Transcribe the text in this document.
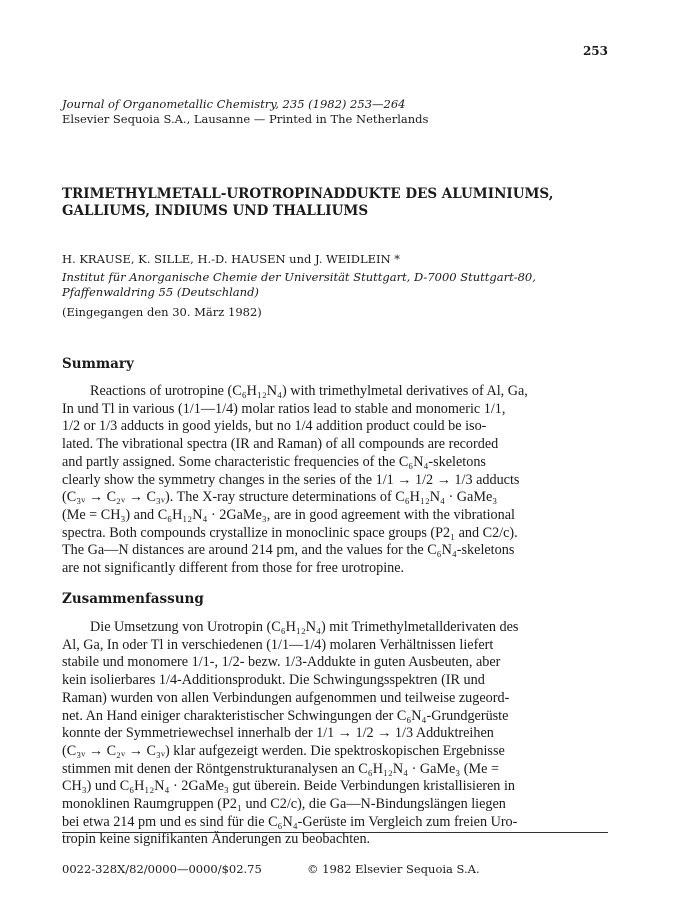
253
Journal of Organometallic Chemistry, 235 (1982) 253—264
Elsevier Sequoia S.A., Lausanne — Printed in The Netherlands
TRIMETHYLMETALL-UROTROPINADDUKTE DES ALUMINIUMS,
GALLIUMS, INDIUMS UND THALLIUMS
H. KRAUSE, K. SILLE, H.-D. HAUSEN und J. WEIDLEIN *
Institut für Anorganische Chemie der Universität Stuttgart, D-7000 Stuttgart-80,
Pfaffenwaldring 55 (Deutschland)
(Eingegangen den 30. März 1982)
Summary
Reactions of urotropine (C₆H₁₂N₄) with trimethylmetal derivatives of Al, Ga,
In und Tl in various (1/1—1/4) molar ratios lead to stable and monomeric 1/1,
1/2 or 1/3 adducts in good yields, but no 1/4 addition product could be iso-
lated. The vibrational spectra (IR and Raman) of all compounds are recorded
and partly assigned. Some characteristic frequencies of the C₆N₄-skeletons
clearly show the symmetry changes in the series of the 1/1 → 1/2 → 1/3 adducts
(C₃ᵥ → C₂ᵥ → C₃ᵥ). The X-ray structure determinations of C₆H₁₂N₄ · GaMe₃
(Me = CH₃) and C₆H₁₂N₄ · 2GaMe₃, are in good agreement with the vibrational
spectra. Both compounds crystallize in monoclinic space groups (P2₁ and C2/c).
The Ga—N distances are around 214 pm, and the values for the C₆N₄-skeletons
are not significantly different from those for free urotropine.
Zusammenfassung
Die Umsetzung von Urotropin (C₆H₁₂N₄) mit Trimethylmetallderivaten des
Al, Ga, In oder Tl in verschiedenen (1/1—1/4) molaren Verhältnissen liefert
stabile und monomere 1/1-, 1/2- bezw. 1/3-Addukte in guten Ausbeuten, aber
kein isolierbares 1/4-Additionsprodukt. Die Schwingungsspektren (IR und
Raman) wurden von allen Verbindungen aufgenommen und teilweise zugeord-
net. An Hand einiger charakteristischer Schwingungen der C₆N₄-Grundgerüste
konnte der Symmetriewechsel innerhalb der 1/1 → 1/2 → 1/3 Adduktreihen
(C₃ᵥ → C₂ᵥ → C₃ᵥ) klar aufgezeigt werden. Die spektroskopischen Ergebnisse
stimmen mit denen der Röntgenstrukturanalysen an C₆H₁₂N₄ · GaMe₃ (Me =
CH₃) und C₆H₁₂N₄ · 2GaMe₃ gut überein. Beide Verbindungen kristallisieren in
monoklinen Raumgruppen (P2₁ und C2/c), die Ga—N-Bindungslängen liegen
bei etwa 214 pm und es sind für die C₆N₄-Gerüste im Vergleich zum freien Uro-
tropin keine signifikanten Änderungen zu beobachten.
0022-328X/82/0000—0000/$02.75	© 1982 Elsevier Sequoia S.A.
